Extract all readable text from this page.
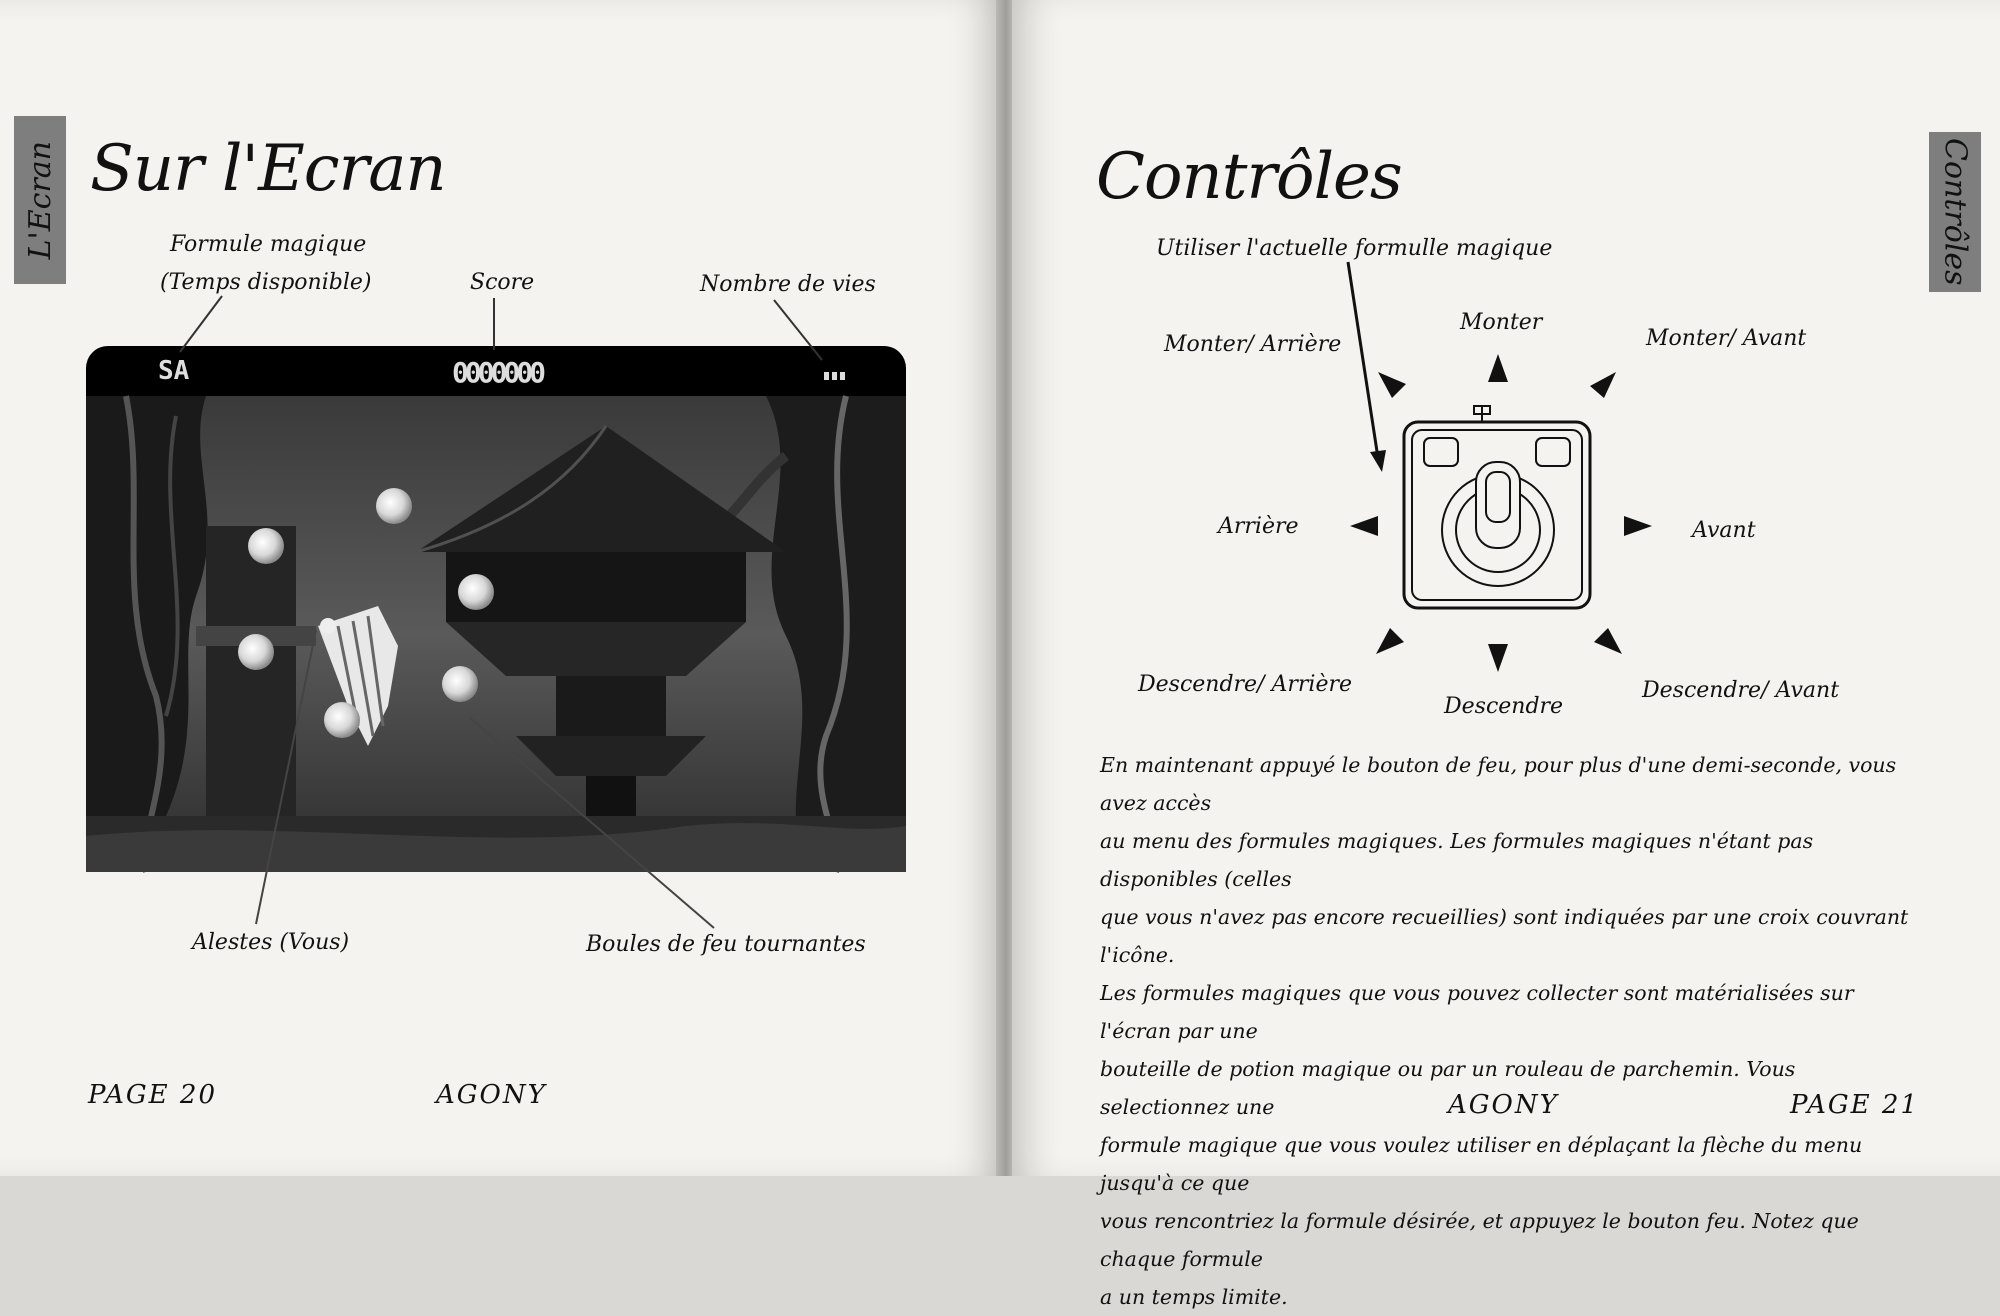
L'Ecran Sur l'Ecran
Formule magique
(Temps disponible)	Score	Nombre de vies
SA	0000000
Alestes (Vous)	Boules de feu tournantes
PAGE 20	AGONY
Contrôles	Contrôles
Utiliser l'actuelle formulle magique
Monter
Monter/ Arrière	Monter/ Avant
Arrière	Avant
Descendre/ Arrière
Descendre
Descendre/ Avant

En maintenant appuyé le bouton de feu, pour plus d'une demi-seconde, vous avez accès

au menu des formules magiques. Les formules magiques n'étant pas disponibles (celles

que vous n'avez pas encore recueillies) sont indiquées par une croix couvrant l'icône.

Les formules magiques que vous pouvez collecter sont matérialisées sur l'écran par une

bouteille de potion magique ou par un rouleau de parchemin. Vous selectionnez une

formule magique que vous voulez utiliser en déplaçant la flèche du menu jusqu'à ce que

vous rencontriez la formule désirée, et appuyez le bouton feu. Notez que chaque formule

a un temps limite.

AGONY	PAGE 21
